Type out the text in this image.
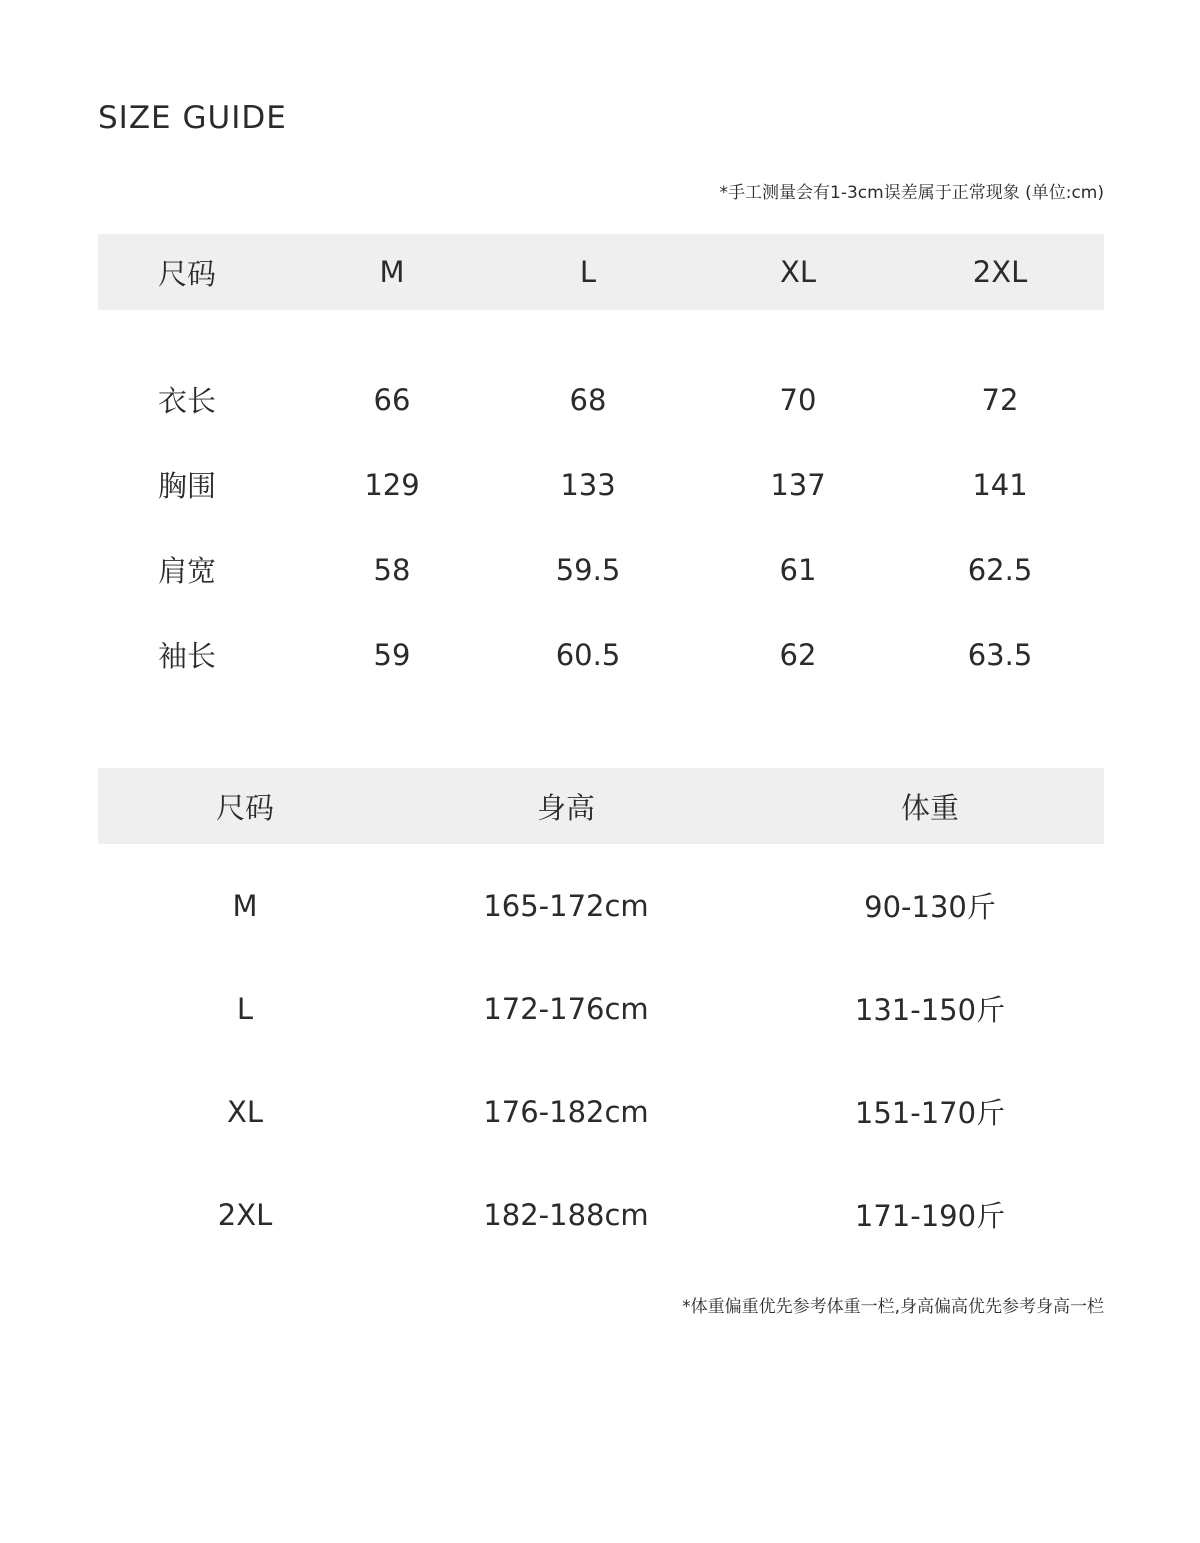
SIZE GUIDE
*手工测量会有1-3cm误差属于正常现象 (单位:cm)
尺码	M	L	XL	2XL
衣长	66	68	70	72
胸围	129	133	137	141
肩宽	58	59.5	61	62.5
袖长	59	60.5	62	63.5
尺码	身高	体重
M	165-172cm	90-130斤
L	172-176cm	131-150斤
XL	176-182cm	151-170斤
2XL	182-188cm	171-190斤
*体重偏重优先参考体重一栏,身高偏高优先参考身高一栏
